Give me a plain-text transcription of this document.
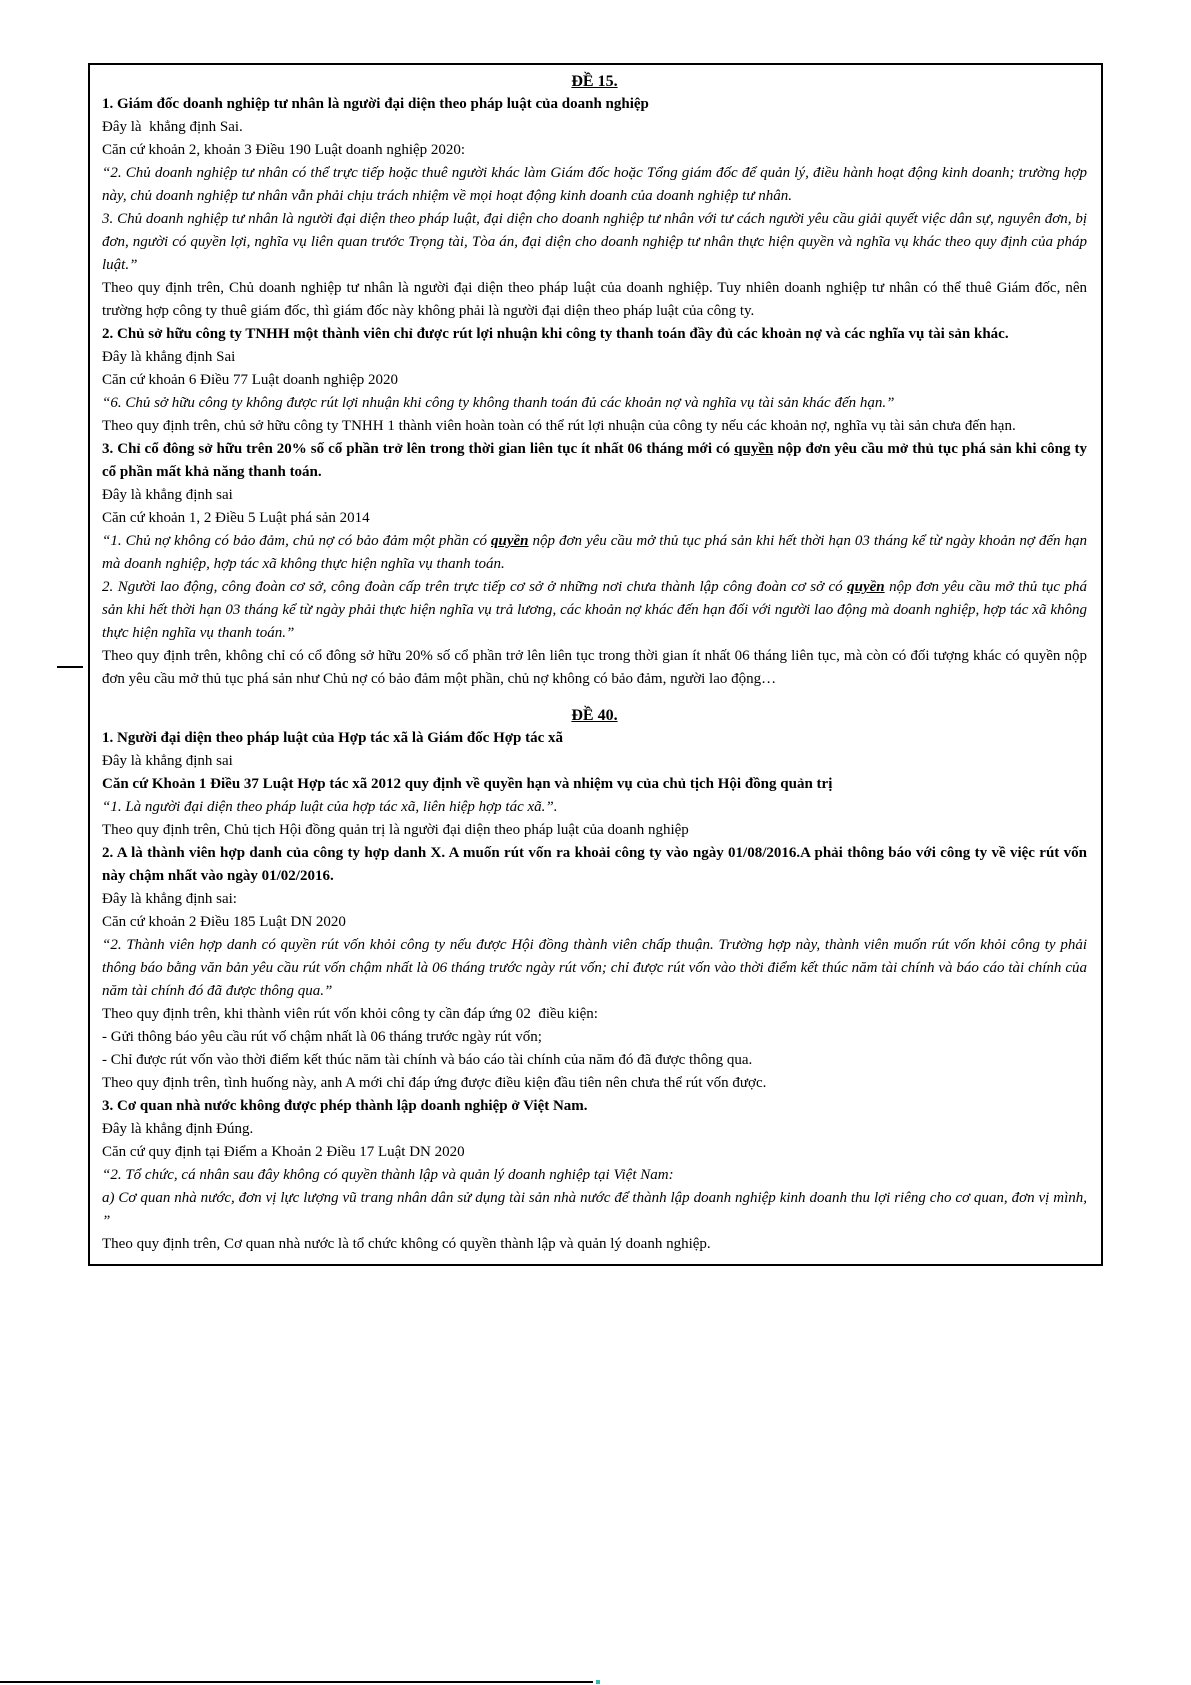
ĐỀ 15.
1. Giám đốc doanh nghiệp tư nhân là người đại diện theo pháp luật của doanh nghiệp
Đây là  khẳng định Sai.
Căn cứ khoản 2, khoản 3 Điều 190 Luật doanh nghiệp 2020:
“2. Chủ doanh nghiệp tư nhân có thể trực tiếp hoặc thuê người khác làm Giám đốc hoặc Tổng giám đốc để quản lý, điều hành hoạt động kinh doanh; trường hợp này, chủ doanh nghiệp tư nhân vẫn phải chịu trách nhiệm về mọi hoạt động kinh doanh của doanh nghiệp tư nhân.
3. Chủ doanh nghiệp tư nhân là người đại diện theo pháp luật, đại diện cho doanh nghiệp tư nhân với tư cách người yêu cầu giải quyết việc dân sự, nguyên đơn, bị đơn, người có quyền lợi, nghĩa vụ liên quan trước Trọng tài, Tòa án, đại diện cho doanh nghiệp tư nhân thực hiện quyền và nghĩa vụ khác theo quy định của pháp luật.”
Theo quy định trên, Chủ doanh nghiệp tư nhân là người đại diện theo pháp luật của doanh nghiệp. Tuy nhiên doanh nghiệp tư nhân có thể thuê Giám đốc, nên trường hợp công ty thuê giám đốc, thì giám đốc này không phải là người đại diện theo pháp luật của công ty.
2. Chủ sở hữu công ty TNHH một thành viên chỉ được rút lợi nhuận khi công ty thanh toán đầy đủ các khoản nợ và các nghĩa vụ tài sản khác.
Đây là khẳng định Sai
Căn cứ khoản 6 Điều 77 Luật doanh nghiệp 2020
“6. Chủ sở hữu công ty không được rút lợi nhuận khi công ty không thanh toán đủ các khoản nợ và nghĩa vụ tài sản khác đến hạn.”
Theo quy định trên, chủ sở hữu công ty TNHH 1 thành viên hoàn toàn có thể rút lợi nhuận của công ty nếu các khoản nợ, nghĩa vụ tài sản chưa đến hạn.
3. Chỉ cổ đông sở hữu trên 20% số cổ phần trở lên trong thời gian liên tục ít nhất 06 tháng mới có quyền nộp đơn yêu cầu mở thủ tục phá sản khi công ty cổ phần mất khả năng thanh toán.
Đây là khẳng định sai
Căn cứ khoản 1, 2 Điều 5 Luật phá sản 2014
“1. Chủ nợ không có bảo đảm, chủ nợ có bảo đảm một phần có quyền nộp đơn yêu cầu mở thủ tục phá sản khi hết thời hạn 03 tháng kể từ ngày khoản nợ đến hạn mà doanh nghiệp, hợp tác xã không thực hiện nghĩa vụ thanh toán.
2. Người lao động, công đoàn cơ sở, công đoàn cấp trên trực tiếp cơ sở ở những nơi chưa thành lập công đoàn cơ sở có quyền nộp đơn yêu cầu mở thủ tục phá sản khi hết thời hạn 03 tháng kể từ ngày phải thực hiện nghĩa vụ trả lương, các khoản nợ khác đến hạn đối với người lao động mà doanh nghiệp, hợp tác xã không thực hiện nghĩa vụ thanh toán.”
Theo quy định trên, không chỉ có cổ đông sở hữu 20% số cổ phần trở lên liên tục trong thời gian ít nhất 06 tháng liên tục, mà còn có đối tượng khác có quyền nộp đơn yêu cầu mở thủ tục phá sản như Chủ nợ có bảo đảm một phần, chủ nợ không có bảo đảm, người lao động…
ĐỀ 40.
1. Người đại diện theo pháp luật của Hợp tác xã là Giám đốc Hợp tác xã
Đây là khẳng định sai
Căn cứ Khoản 1 Điều 37 Luật Hợp tác xã 2012 quy định về quyền hạn và nhiệm vụ của chủ tịch Hội đồng quản trị
“1. Là người đại diện theo pháp luật của hợp tác xã, liên hiệp hợp tác xã.”.
Theo quy định trên, Chủ tịch Hội đồng quản trị là người đại diện theo pháp luật của doanh nghiệp
2. A là thành viên hợp danh của công ty hợp danh X. A muốn rút vốn ra khoải công ty vào ngày 01/08/2016.A phải thông báo với công ty về việc rút vốn này chậm nhất vào ngày 01/02/2016.
Đây là khẳng định sai:
Căn cứ khoản 2 Điều 185 Luật DN 2020
“2. Thành viên hợp danh có quyền rút vốn khỏi công ty nếu được Hội đồng thành viên chấp thuận. Trường hợp này, thành viên muốn rút vốn khỏi công ty phải thông báo bằng văn bản yêu cầu rút vốn chậm nhất là 06 tháng trước ngày rút vốn; chỉ được rút vốn vào thời điểm kết thúc năm tài chính và báo cáo tài chính của năm tài chính đó đã được thông qua.”
Theo quy định trên, khi thành viên rút vốn khỏi công ty cần đáp ứng 02  điều kiện:
- Gửi thông báo yêu cầu rút vố chậm nhất là 06 tháng trước ngày rút vốn;
- Chỉ được rút vốn vào thời điểm kết thúc năm tài chính và báo cáo tài chính của năm đó đã được thông qua.
Theo quy định trên, tình huống này, anh A mới chỉ đáp ứng được điều kiện đầu tiên nên chưa thể rút vốn được.
3. Cơ quan nhà nước không được phép thành lập doanh nghiệp ở Việt Nam.
Đây là khẳng định Đúng.
Căn cứ quy định tại Điểm a Khoản 2 Điều 17 Luật DN 2020
“2. Tổ chức, cá nhân sau đây không có quyền thành lập và quản lý doanh nghiệp tại Việt Nam:
a) Cơ quan nhà nước, đơn vị lực lượng vũ trang nhân dân sử dụng tài sản nhà nước để thành lập doanh nghiệp kinh doanh thu lợi riêng cho cơ quan, đơn vị mình, ”
Theo quy định trên, Cơ quan nhà nước là tổ chức không có quyền thành lập và quản lý doanh nghiệp.
